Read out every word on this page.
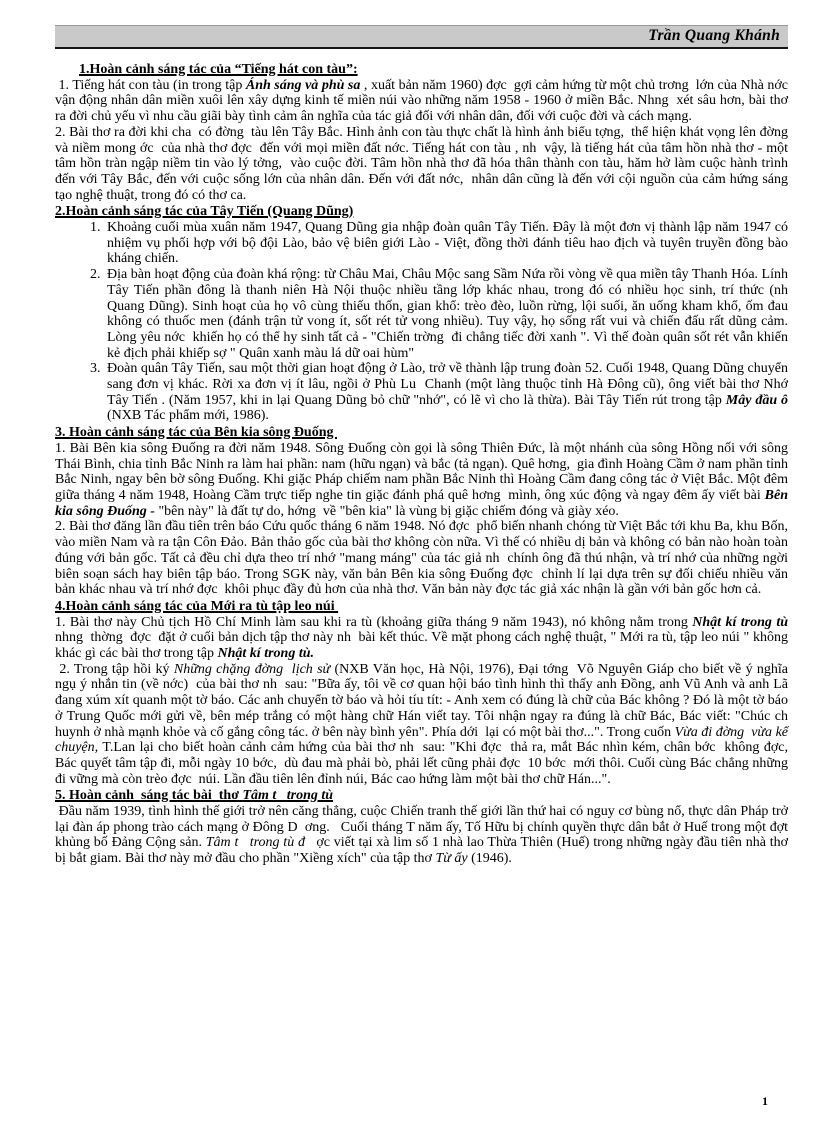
Trần Quang Khánh
1.Hoàn cảnh sáng tác của “Tiếng hát con tàu”:

1. Tiếng hát con tàu (in trong tập Ánh sáng và phù sa , xuất bản năm 1960) đợc  gợi cảm hứng từ một chủ trơng  lớn của Nhà nớc  vận động nhân dân miền xuôi lên xây dựng kinh tế miền núi vào những năm 1958 - 1960 ở miền Bắc. Nhng  xét sâu hơn, bài thơ ra đời chủ yếu vì nhu cầu giãi bày tình cảm ân nghĩa của tác giả đối với nhân dân, đối với cuộc đời và cách mạng.

2. Bài thơ ra đời khi cha  có đờng  tàu lên Tây Bắc. Hình ảnh con tàu thực chất là hình ảnh biểu tợng,  thể hiện khát vọng lên đờng  và niềm mong ớc  của nhà thơ đợc  đến với mọi miền đất nớc. Tiếng hát con tàu , nh  vậy, là tiếng hát của tâm hồn nhà thơ - một tâm hồn tràn ngập niềm tin vào lý tởng,  vào cuộc đời. Tâm hồn nhà thơ đã hóa thân thành con tàu, hăm hở làm cuộc hành trình đến với Tây Bắc, đến với cuộc sống lớn của nhân dân. Đến với đất nớc,  nhân dân cũng là đến với cội nguồn của cảm hứng sáng tạo nghệ thuật, trong đó có thơ ca.

2.Hoàn cảnh sáng tác của Tây Tiến (Quang Dũng)
1. Khoảng cuối mùa xuân năm 1947, Quang Dũng gia nhập đoàn quân Tây Tiến. Đây là một đơn vị thành lập năm 1947 có nhiệm vụ phối hợp với bộ đội Lào, bảo vệ biên giới Lào - Việt, đồng thời đánh tiêu hao địch và tuyên truyền đồng bào kháng chiến.
2. Địa bàn hoạt động của đoàn khá rộng: từ Châu Mai, Châu Mộc sang Sầm Nứa rồi vòng về qua miền tây Thanh Hóa. Lính Tây Tiến phần đông là thanh niên Hà Nội thuộc nhiều tầng lớp khác nhau, trong đó có nhiều học sinh, trí thức (nh  Quang Dũng). Sinh hoạt của họ vô cùng thiếu thốn, gian khổ: trèo đèo, luồn rừng, lội suối, ăn uống kham khổ, ốm đau không có thuốc men (đánh trận tử vong ít, sốt rét tử vong nhiều). Tuy vậy, họ sống rất vui và chiến đấu rất dũng cảm. Lòng yêu nớc  khiến họ có thể hy sinh tất cả - "Chiến trờng  đi chẳng tiếc đời xanh ". Vì thế đoàn quân sốt rét vẫn khiến kẻ địch phải khiếp sợ " Quân xanh màu lá dữ oai hùm"
3. Đoàn quân Tây Tiến, sau một thời gian hoạt động ở Lào, trở về thành lập trung đoàn 52. Cuối 1948, Quang Dũng chuyển sang đơn vị khác. Rời xa đơn vị ít lâu, ngồi ở Phù Lu  Chanh (một làng thuộc tỉnh Hà Đông cũ), ông viết bài thơ Nhớ Tây Tiến . (Năm 1957, khi in lại Quang Dũng bỏ chữ "nhớ", có lẽ vì cho là thừa). Bài Tây Tiến rút trong tập Mây đầu ô (NXB Tác phẩm mới, 1986).
3. Hoàn cảnh sáng tác của Bên kia sông Đuống

1. Bài Bên kia sông Đuống ra đời năm 1948. Sông Đuống còn gọi là sông Thiên Đức, là một nhánh của sông Hồng nối với sông Thái Bình, chia tỉnh Bắc Ninh ra làm hai phần: nam (hữu ngạn) và bắc (tả ngạn). Quê hơng,  gia đình Hoàng Cầm ở nam phần tỉnh Bắc Ninh, ngay bên bờ sông Đuống. Khi giặc Pháp chiếm nam phần Bắc Ninh thì Hoàng Cầm đang công tác ở Việt Bắc. Một đêm giữa tháng 4 năm 1948, Hoàng Cầm trực tiếp nghe tin giặc đánh phá quê hơng  mình, ông xúc động và ngay đêm ấy viết bài Bên kia sông Đuống - "bên này" là đất tự do, hớng  về "bên kia" là vùng bị giặc chiếm đóng và giày xéo.

2. Bài thơ đăng lần đầu tiên trên báo Cứu quốc tháng 6 năm 1948. Nó đợc  phổ biến nhanh chóng từ Việt Bắc tới khu Ba, khu Bốn, vào miền Nam và ra tận Côn Đảo. Bản thảo gốc của bài thơ không còn nữa. Vì thế có nhiều dị bản và không có bản nào hoàn toàn đúng với bản gốc. Tất cả đều chỉ dựa theo trí nhớ "mang máng" của tác giả nh  chính ông đã thú nhận, và trí nhớ của những ngời biên soạn sách hay biên tập báo. Trong SGK này, văn bản Bên kia sông Đuống đợc  chỉnh lí lại dựa trên sự đối chiếu nhiều văn bản khác nhau và trí nhớ đợc  khôi phục đầy đủ hơn của nhà thơ. Văn bản này đợc tác giả xác nhận là gần với bản gốc hơn cả.

4.Hoàn cảnh sáng tác của Mới ra tù tập leo núi

1. Bài thơ này Chủ tịch Hồ Chí Minh làm sau khi ra tù (khoảng giữa tháng 9 năm 1943), nó không nằm trong Nhật kí trong tù nhng  thờng  đợc  đặt ở cuối bản dịch tập thơ này nh  bài kết thúc. Về mặt phong cách nghệ thuật, " Mới ra tù, tập leo núi " không khác gì các bài thơ trong tập Nhật kí trong tù.

2. Trong tập hồi ký Những chặng đờng  lịch sử (NXB Văn học, Hà Nội, 1976), Đại tớng  Võ Nguyên Giáp cho biết về ý nghĩa ngụ ý nhắn tin (về nớc)  của bài thơ nh  sau: "Bữa ấy, tôi về cơ quan hội báo tình hình thì thấy anh Đồng, anh Vũ Anh và anh Lã đang xúm xít quanh một tờ báo. Các anh chuyển tờ báo và hỏi tíu tít: - Anh xem có đúng là chữ của Bác không ? Đó là một tờ báo ở Trung Quốc mới gửi về, bên mép trắng có một hàng chữ Hán viết tay. Tôi nhận ngay ra đúng là chữ Bác, Bác viết: "Chúc ch  huynh ở nhà mạnh khỏe và cố gắng công tác. ở bên này bình yên". Phía dới  lại có một bài thơ...". Trong cuốn Vừa đi đờng  vừa kể chuyện, T.Lan lại cho biết hoàn cảnh cảm hứng của bài thơ nh  sau: "Khi đợc  thả ra, mắt Bác nhìn kém, chân bớc  không đợc,  Bác quyết tâm tập đi, mỗi ngày 10 bớc,  dù đau mà phải bò, phải lết cũng phải đợc  10 bớc  mới thôi. Cuối cùng Bác chẳng những đi vững mà còn trèo đợc  núi. Lần đầu tiên lên đỉnh núi, Bác cao hứng làm một bài thơ chữ Hán...".

5. Hoàn cảnh  sáng tác bài  thơ Tâm t   trong tù

Đầu năm 1939, tình hình thế giới trở nên căng thẳng, cuộc Chiến tranh thế giới lần thứ hai có nguy cơ bùng nổ, thực dân Pháp trở lại đàn áp phong trào cách mạng ở Đông D  ơng.   Cuối tháng T năm ấy, Tố Hữu bị chính quyền thực dân bắt ở Huế trong một đợt khủng bố Đảng Cộng sản. Tâm t   trong tù đ   ợc viết tại xà lim số 1 nhà lao Thừa Thiên (Huế) trong những ngày đầu tiên nhà thơ bị bắt giam. Bài thơ này mở đầu cho phần "Xiềng xích" của tập thơ Từ ấy (1946).

1
